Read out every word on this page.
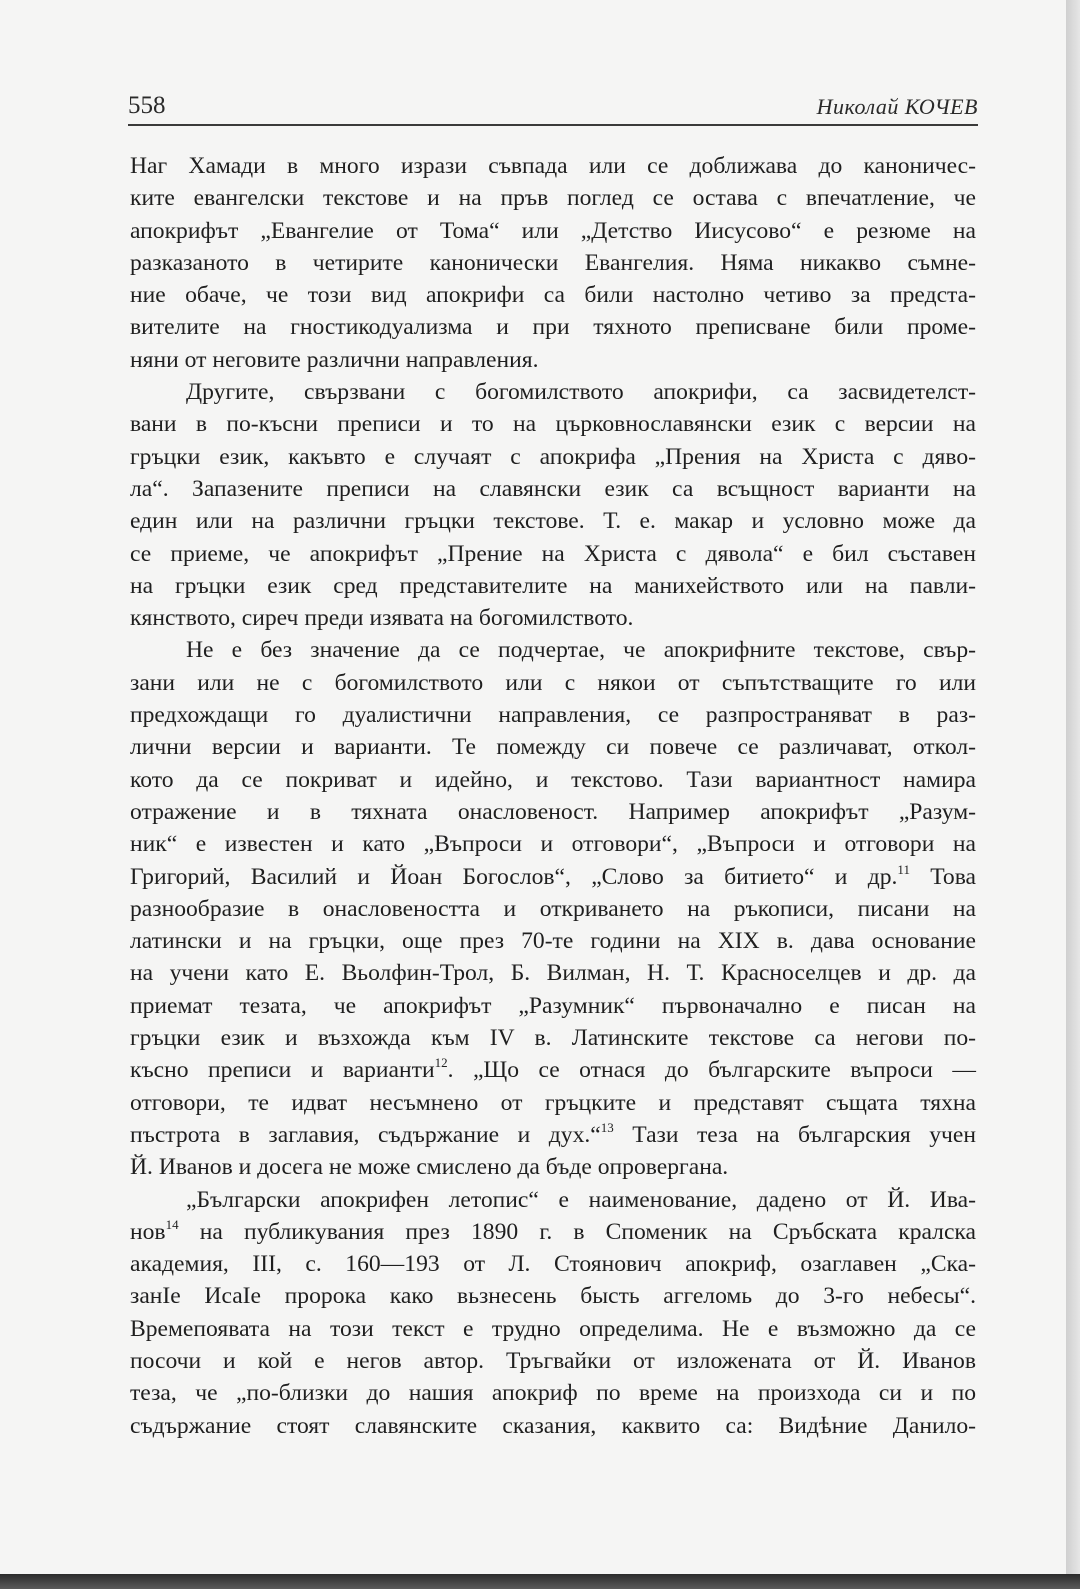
558	Николай КОЧЕВ
Наг Хамади в много изрази съвпада или се доближава до каноничес-
ките евангелски текстове и на пръв поглед се остава с впечатление, че
апокрифът „Евангелие от Тома“ или „Детство Иисусово“ е резюме на
разказаното в четирите канонически Евангелия. Няма никакво съмне-
ние обаче, че този вид апокрифи са били настолно четиво за предста-
вителите на гностикодуализма и при тяхното преписване били проме-
няни от неговите различни направления.
Другите, свързвани с богомилството апокрифи, са засвидетелст-
вани в по-късни преписи и то на църковнославянски език с версии на
гръцки език, какъвто е случаят с апокрифа „Прения на Христа с дяво-
ла“. Запазените преписи на славянски език са всъщност варианти на
един или на различни гръцки текстове. Т. е. макар и условно може да
се приеме, че апокрифът „Прение на Христа с дявола“ е бил съставен
на гръцки език сред представителите на манихейството или на павли-
кянството, сиреч преди изявата на богомилството.
Не е без значение да се подчертае, че апокрифните текстове, свър-
зани или не с богомилството или с някои от съпътстващите го или
предхождащи го дуалистични направления, се разпространяват в раз-
лични версии и варианти. Те помежду си повече се различават, откол-
кото да се покриват и идейно, и текстово. Тази вариантност намира
отражение и в тяхната онасловеност. Например апокрифът „Разум-
ник“ е известен и като „Въпроси и отговори“, „Въпроси и отговори на
Григорий, Василий и Йоан Богослов“, „Слово за битието“ и др.$^{11}$ Това
разнообразие в онасловеността и откриването на ръкописи, писани на
латински и на гръцки, още през 70-те години на XIX в. дава основание
на учени като Е. Вьолфин-Трол, Б. Вилман, Н. Т. Красноселцев и др. да
приемат тезата, че апокрифът „Разумник“ първоначално е писан на
гръцки език и възхожда към IV в. Латинските текстове са негови по-
късно преписи и варианти$^{12}$. „Що се отнася до българските въпроси —
отговори, те идват несъмнено от гръцките и представят същата тяхна
пъстрота в заглавия, съдържание и дух.“$^{13}$ Тази теза на българския учен
Й. Иванов и досега не може смислено да бъде опровергана.
„Български апокрифен летопис“ е наименование, дадено от Й. Ива-
нов$^{14}$ на публикувания през 1890 г. в Споменик на Сръбската кралска
академия, III, с. 160—193 от Л. Стоянович апокриф, озаглавен „Ска-
занIе ИсаIе пророка како вьзнесень бысть аггеломь до 3-го небесы“.
Времепоявата на този текст е трудно определима. Не е възможно да се
посочи и кой е негов автор. Тръгвайки от изложената от Й. Иванов
теза, че „по-близки до нашия апокриф по време на произхода си и по
съдържание стоят славянските сказания, каквито са: Видѣние Данило-
